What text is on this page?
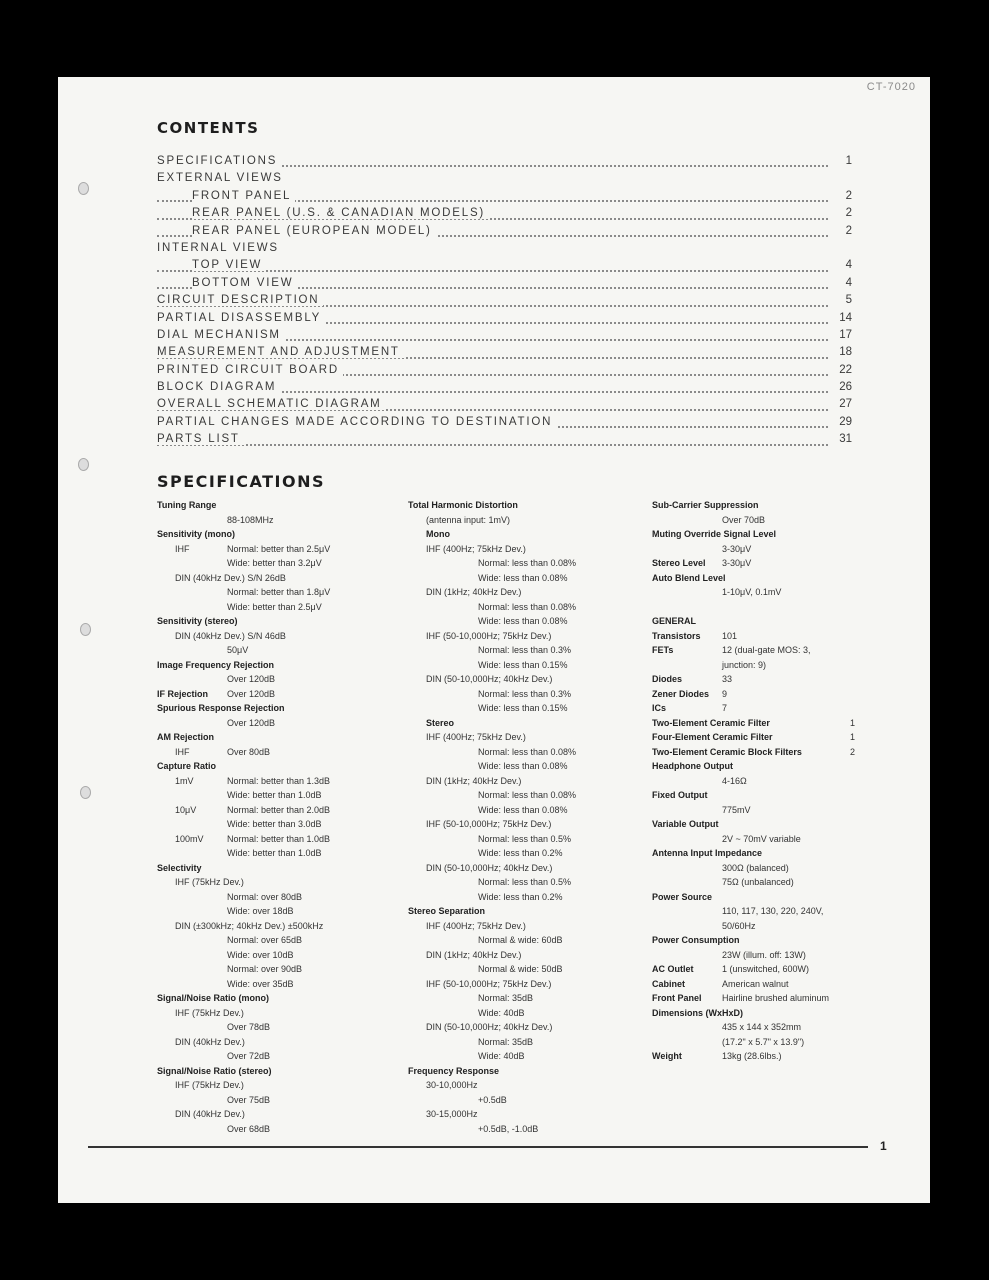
CT-7020
CONTENTS
SPECIFICATIONS	1
EXTERNAL VIEWS
FRONT PANEL	2
REAR PANEL (U.S. & CANADIAN MODELS)	2
REAR PANEL (EUROPEAN MODEL)	2
INTERNAL VIEWS
TOP VIEW	4
BOTTOM VIEW	4
CIRCUIT DESCRIPTION	5
PARTIAL DISASSEMBLY	14
DIAL MECHANISM	17
MEASUREMENT AND ADJUSTMENT	18
PRINTED CIRCUIT BOARD	22
BLOCK DIAGRAM	26
OVERALL SCHEMATIC DIAGRAM	27
PARTIAL CHANGES MADE ACCORDING TO DESTINATION	29
PARTS LIST	31
SPECIFICATIONS
Tuning Range
88-108MHz
Sensitivity (mono)
IHF	Normal: better than 2.5μV
Wide: better than 3.2μV
DIN (40kHz Dev.) S/N 26dB
Normal: better than 1.8μV
Wide: better than 2.5μV
Sensitivity (stereo)
DIN (40kHz Dev.) S/N 46dB
50μV
Image Frequency Rejection
Over 120dB
IF Rejection Over 120dB
Spurious Response Rejection
Over 120dB
AM Rejection
IHF	Over 80dB
Capture Ratio
1mV	Normal: better than 1.3dB
Wide: better than 1.0dB
10μV	Normal: better than 2.0dB
Wide: better than 3.0dB
100mV	Normal: better than 1.0dB
Wide: better than 1.0dB
Selectivity
IHF (75kHz Dev.)
Normal: over 80dB
Wide: over 18dB
DIN (±300kHz; 40kHz Dev.) ±500kHz
Normal: over 65dB
Wide: over 10dB
Normal: over 90dB
Wide: over 35dB
Signal/Noise Ratio (mono)
IHF (75kHz Dev.)
Over 78dB
DIN (40kHz Dev.)
Over 72dB
Signal/Noise Ratio (stereo)
IHF (75kHz Dev.)
Over 75dB
DIN (40kHz Dev.)
Over 68dB
Total Harmonic Distortion
(antenna input: 1mV)
Mono
IHF (400Hz; 75kHz Dev.)
Normal: less than 0.08%
Wide: less than 0.08%
DIN (1kHz; 40kHz Dev.)
Normal: less than 0.08%
Wide: less than 0.08%
IHF (50-10,000Hz; 75kHz Dev.)
Normal: less than 0.3%
Wide: less than 0.15%
DIN (50-10,000Hz; 40kHz Dev.)
Normal: less than 0.3%
Wide: less than 0.15%
Stereo
IHF (400Hz; 75kHz Dev.)
Normal: less than 0.08%
Wide: less than 0.08%
DIN (1kHz; 40kHz Dev.)
Normal: less than 0.08%
Wide: less than 0.08%
IHF (50-10,000Hz; 75kHz Dev.)
Normal: less than 0.5%
Wide: less than 0.2%
DIN (50-10,000Hz; 40kHz Dev.)
Normal: less than 0.5%
Wide: less than 0.2%
Stereo Separation
IHF (400Hz; 75kHz Dev.)
Normal & wide: 60dB
DIN (1kHz; 40kHz Dev.)
Normal & wide: 50dB
IHF (50-10,000Hz; 75kHz Dev.)
Normal: 35dB
Wide: 40dB
DIN (50-10,000Hz; 40kHz Dev.)
Normal: 35dB
Wide: 40dB
Frequency Response
30-10,000Hz
+0.5dB
30-15,000Hz
+0.5dB, -1.0dB
Sub-Carrier Suppression
Over 70dB
Muting Override Signal Level
3-30μV
Stereo Level 3-30μV
Auto Blend Level
1-10μV, 0.1mV
GENERAL
Transistors 101
FETs	12 (dual-gate MOS: 3,
junction: 9)
Diodes	33
Zener Diodes 9
ICs	7
Two-Element Ceramic Filter	1
Four-Element Ceramic Filter	1
Two-Element Ceramic Block Filters	2
Headphone Output
4-16Ω
Fixed Output
775mV
Variable Output
2V ~ 70mV variable
Antenna Input Impedance
300Ω (balanced)
75Ω (unbalanced)
Power Source
110, 117, 130, 220, 240V,
50/60Hz
Power Consumption
23W (illum. off: 13W)
AC Outlet	1 (unswitched, 600W)
Cabinet	American walnut
Front Panel Hairline brushed aluminum
Dimensions (WxHxD)
435 x 144 x 352mm
(17.2" x 5.7" x 13.9")
Weight	13kg (28.6lbs.)
1
